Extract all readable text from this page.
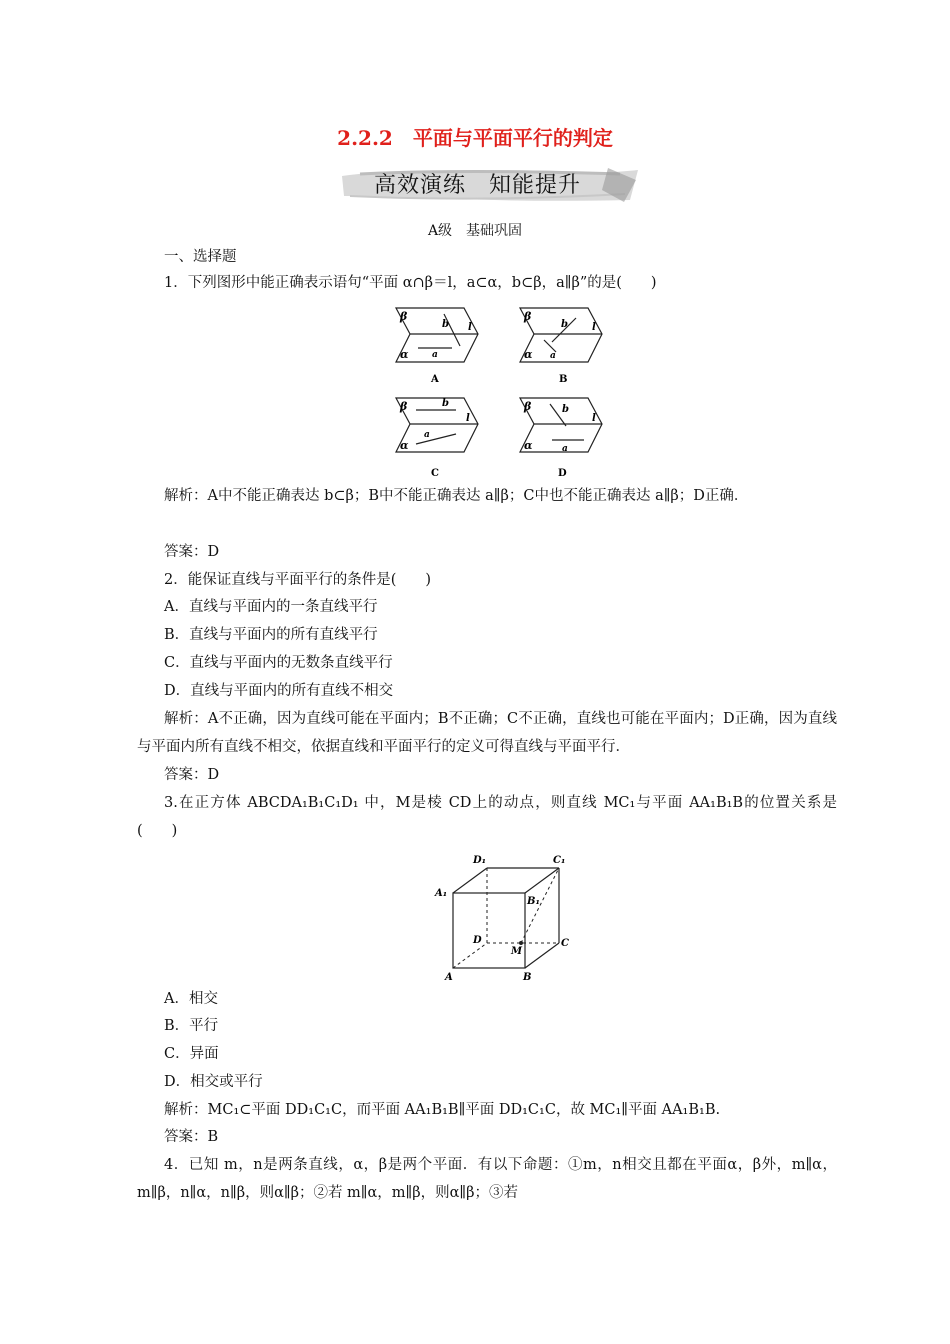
2.2.2　平面与平面平行的判定
高效演练　知能提升
A级　基础巩固
一、选择题
1．下列图形中能正确表示语句“平面 α∩β＝l，a⊂α，b⊂β，a∥β”的是(　　)
β
b l
α	a
A
β
b l
α a
B
β	b
l
α
a
C
β	b
l
α	a
D
解析：A中不能正确表达 b⊂β；B中不能正确表达 a∥β；C中也不能正确表达 a∥β；D正确．
答案：D
2．能保证直线与平面平行的条件是(　　)
A．直线与平面内的一条直线平行
B．直线与平面内的所有直线平行
C．直线与平面内的无数条直线平行
D．直线与平面内的所有直线不相交
解析：A不正确，因为直线可能在平面内；B不正确；C不正确，直线也可能在平面内；D正确，因为直线与平面内所有直线不相交，依据直线和平面平行的定义可得直线与平面平行．
答案：D
3.在正方体 ABCDA₁B₁C₁D₁ 中，M是棱 CD上的动点，则直线 MC₁与平面 AA₁B₁B的位置关系是(　　)
D₁	C₁
A₁
B₁
D
M
C
A	B
A．相交
B．平行
C．异面
D．相交或平行
解析：MC₁⊂平面 DD₁C₁C，而平面 AA₁B₁B∥平面 DD₁C₁C，故 MC₁∥平面 AA₁B₁B.
答案：B
4．已知 m，n是两条直线，α，β是两个平面．有以下命题：①m，n相交且都在平面α，β外，m∥α，m∥β，n∥α，n∥β，则α∥β；②若 m∥α，m∥β，则α∥β；③若
